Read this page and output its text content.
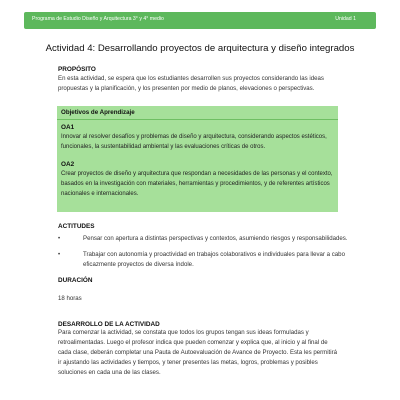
Programa de Estudio Diseño y Arquitectura 3° y 4° medio	Unidad 1
Actividad 4: Desarrollando proyectos de arquitectura y diseño integrados
PROPÓSITO
En esta actividad, se espera que los estudiantes desarrollen sus proyectos considerando las ideas
propuestas y la planificación, y los presenten por medio de planos, elevaciones o perspectivas.
Objetivos de Aprendizaje
OA1
Innovar al resolver desafíos y problemas de diseño y arquitectura, considerando aspectos estéticos,
funcionales, la sustentabilidad ambiental y las evaluaciones críticas de otros.
OA2
Crear proyectos de diseño y arquitectura que respondan a necesidades de las personas y el contexto,
basados en la investigación con materiales, herramientas y procedimientos, y de referentes artísticos
nacionales e internacionales.
ACTITUDES
•	Pensar con apertura a distintas perspectivas y contextos, asumiendo riesgos y responsabilidades.
•	Trabajar con autonomía y proactividad en trabajos colaborativos e individuales para llevar a cabo
eficazmente proyectos de diversa índole.
DURACIÓN
18 horas
DESARROLLO DE LA ACTIVIDAD
Para comenzar la actividad, se constata que todos los grupos tengan sus ideas formuladas y
retroalimentadas. Luego el profesor indica que pueden comenzar y explica que, al inicio y al final de
cada clase, deberán completar una Pauta de Autoevaluación de Avance de Proyecto. Esta les permitirá
ir ajustando las actividades y tiempos, y tener presentes las metas, logros, problemas y posibles
soluciones en cada una de las clases.
